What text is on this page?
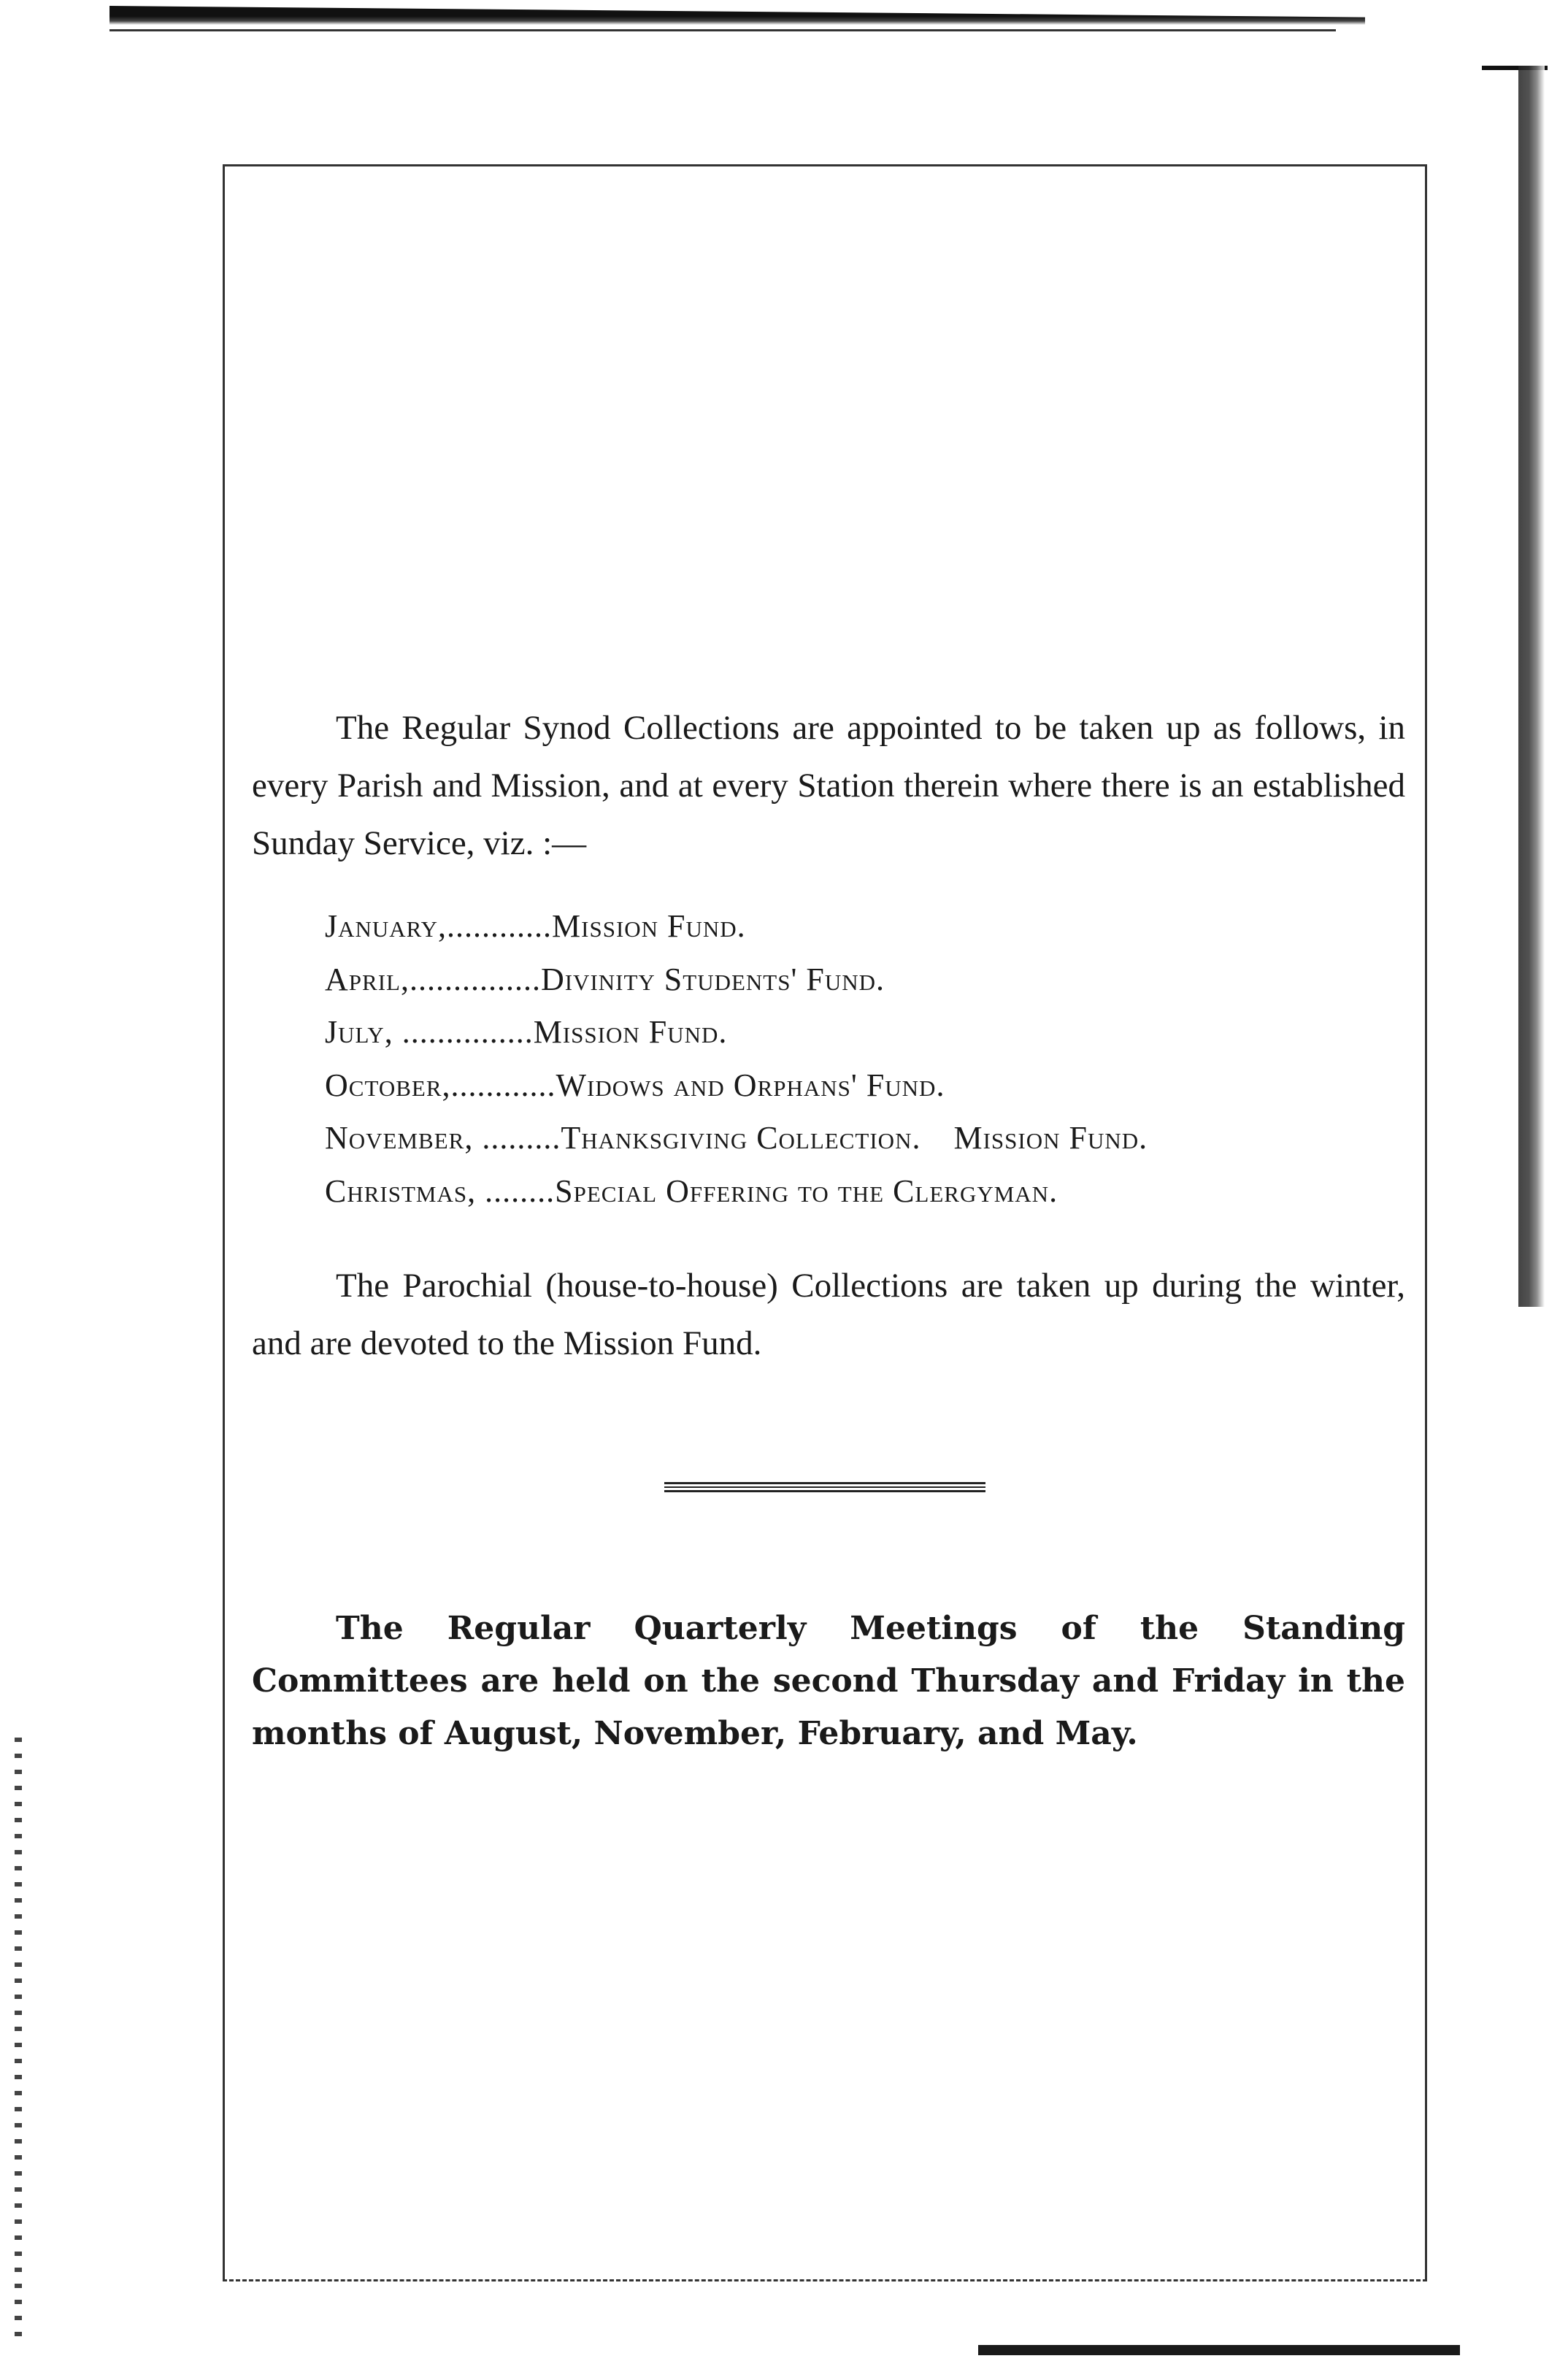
The Regular Synod Collections are appointed to be taken up as follows, in every Parish and Mission, and at every Station therein where there is an established Sunday Service, viz. :—

January,............Mission Fund.
April,...............Divinity Students' Fund.
July, ...............Mission Fund.
October,............Widows and Orphans' Fund.
November, .........Thanksgiving Collection. Mission Fund.
Christmas, ........Special Offering to the Clergyman.

The Parochial (house-to-house) Collections are taken up during the winter, and are devoted to the Mission Fund.

The Regular Quarterly Meetings of the Standing Committees are held on the second Thursday and Friday in the months of August, November, February, and May.
